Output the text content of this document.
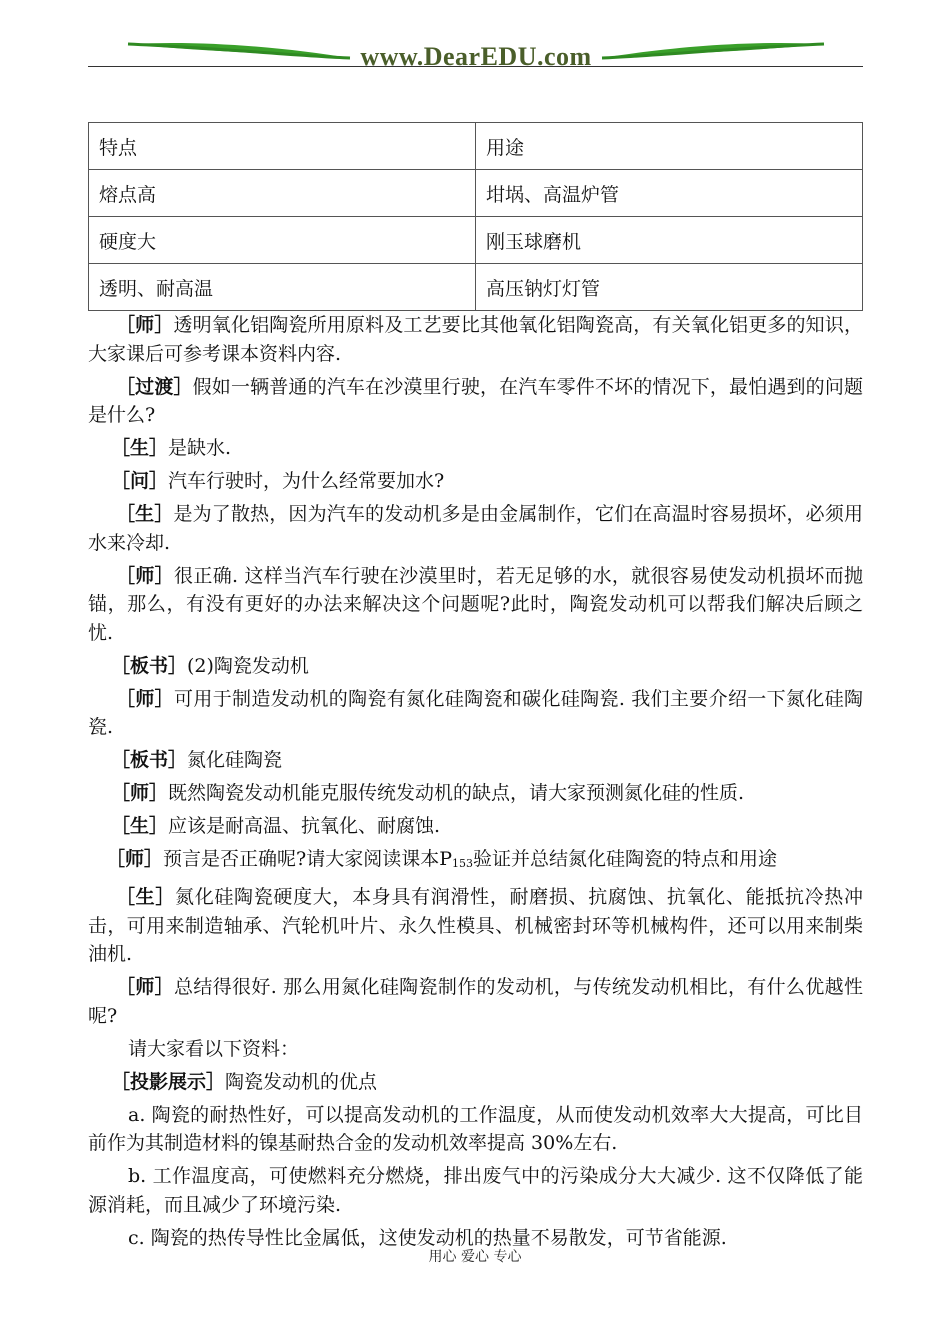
www.DearEDU.com
特点	用途
熔点高	坩埚、高温炉管
硬度大	刚玉球磨机
透明、耐高温	高压钠灯灯管
［师］透明氧化铝陶瓷所用原料及工艺要比其他氧化铝陶瓷高，有关氧化铝更多的知识，大家课后可参考课本资料内容.
［过渡］假如一辆普通的汽车在沙漠里行驶，在汽车零件不坏的情况下，最怕遇到的问题是什么?
［生］是缺水.
［问］汽车行驶时，为什么经常要加水?
［生］是为了散热，因为汽车的发动机多是由金属制作，它们在高温时容易损坏，必须用水来冷却.
［师］很正确. 这样当汽车行驶在沙漠里时，若无足够的水，就很容易使发动机损坏而抛锚，那么，有没有更好的办法来解决这个问题呢?此时，陶瓷发动机可以帮我们解决后顾之忧.
［板书］(2)陶瓷发动机
［师］可用于制造发动机的陶瓷有氮化硅陶瓷和碳化硅陶瓷. 我们主要介绍一下氮化硅陶瓷.
［板书］氮化硅陶瓷
［师］既然陶瓷发动机能克服传统发动机的缺点，请大家预测氮化硅的性质.
［生］应该是耐高温、抗氧化、耐腐蚀.
［师］预言是否正确呢?请大家阅读课本P153验证并总结氮化硅陶瓷的特点和用途
［生］氮化硅陶瓷硬度大，本身具有润滑性，耐磨损、抗腐蚀、抗氧化、能抵抗冷热冲击，可用来制造轴承、汽轮机叶片、永久性模具、机械密封环等机械构件，还可以用来制柴油机.
［师］总结得很好. 那么用氮化硅陶瓷制作的发动机，与传统发动机相比，有什么优越性呢?
请大家看以下资料：
［投影展示］陶瓷发动机的优点
a. 陶瓷的耐热性好，可以提高发动机的工作温度，从而使发动机效率大大提高，可比目前作为其制造材料的镍基耐热合金的发动机效率提高 30%左右.
b. 工作温度高，可使燃料充分燃烧，排出废气中的污染成分大大减少. 这不仅降低了能源消耗，而且减少了环境污染.
c. 陶瓷的热传导性比金属低，这使发动机的热量不易散发，可节省能源.
用心 爱心 专心
